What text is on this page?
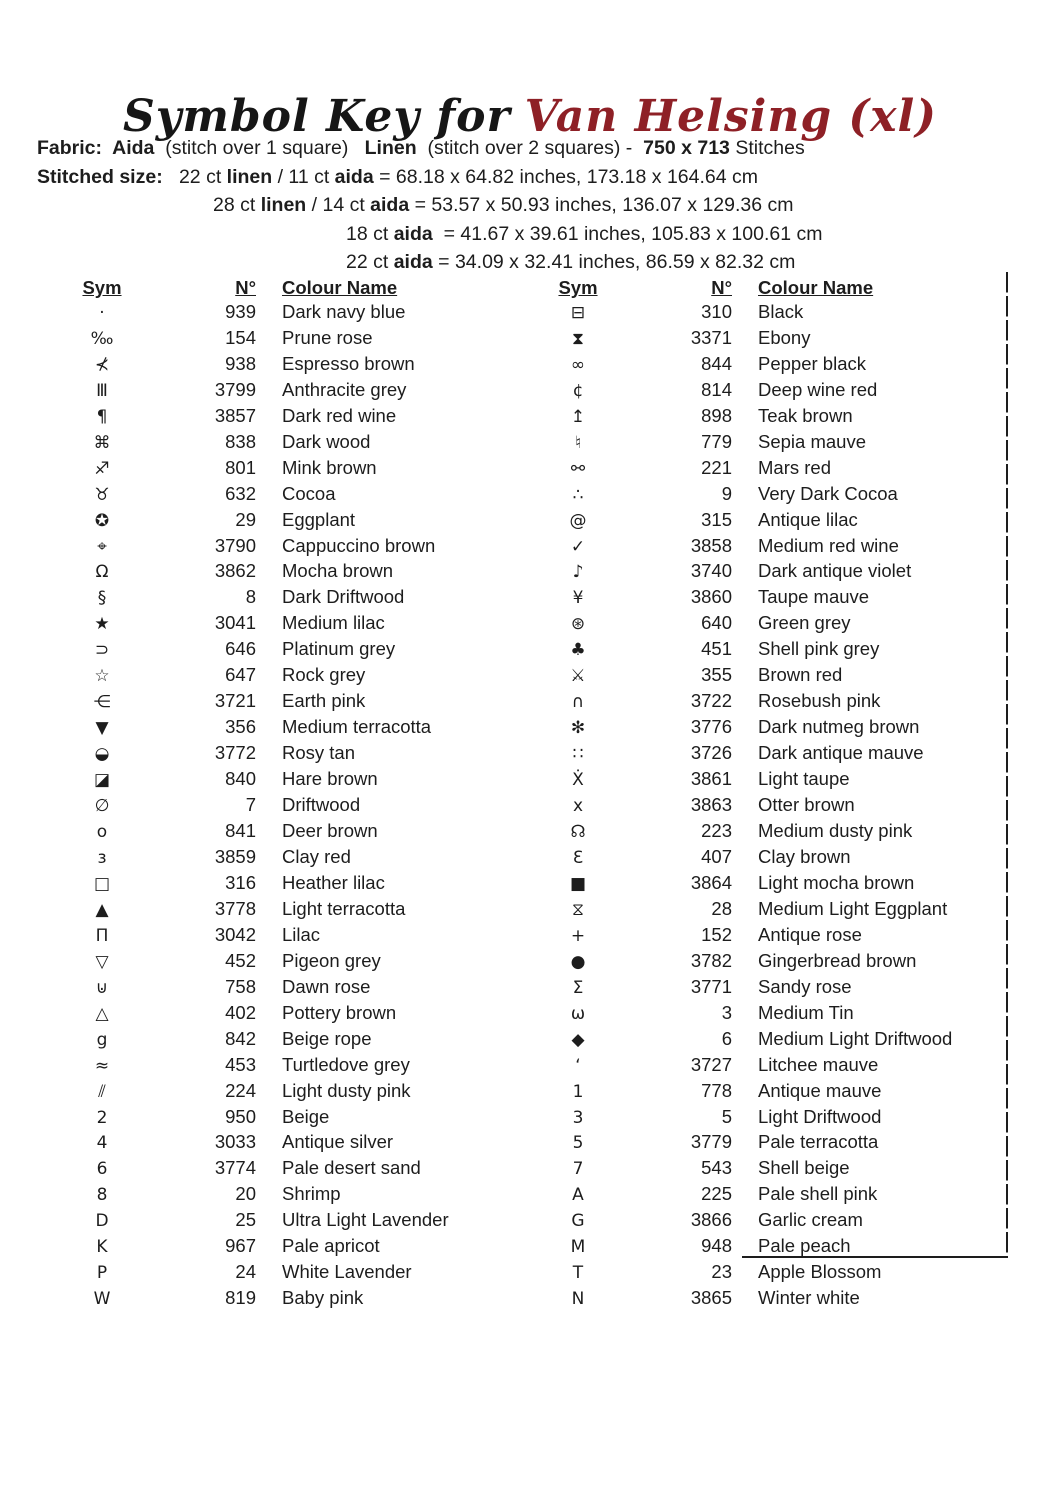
Symbol Key for Van Helsing (xl)
Fabric:  Aida  (stitch over 1 square)   Linen  (stitch over 2 squares) -  750 x 713 Stitches
Stitched size:   22 ct linen / 11 ct aida = 68.18 x 64.82 inches, 173.18 x 164.64 cm
28 ct linen / 14 ct aida = 53.57 x 50.93 inches, 136.07 x 129.36 cm
18 ct aida  = 41.67 x 39.61 inches, 105.83 x 100.61 cm
22 ct aida = 34.09 x 32.41 inches, 86.59 x 82.32 cm
Sym	N° Colour Name
·	939 Dark navy blue
‰	154 Prune rose
⊀	938 Espresso brown
Ⅲ	3799 Anthracite grey
¶	3857 Dark red wine
⌘	838 Dark wood
♐	801 Mink brown
♉	632 Cocoa
✪	29 Eggplant
⌖	3790 Cappuccino brown
Ω	3862 Mocha brown
§	8 Dark Driftwood
★	3041 Medium lilac
⊃	646 Platinum grey
☆	647 Rock grey
⋲	3721 Earth pink
▼	356 Medium terracotta
◒	3772 Rosy tan
◪	840 Hare brown
∅	7 Driftwood
o	841 Deer brown
ɜ	3859 Clay red
□	316 Heather lilac
▲	3778 Light terracotta
Π	3042 Lilac
▽	452 Pigeon grey
⊍	758 Dawn rose
△	402 Pottery brown
g	842 Beige rope
≈	453 Turtledove grey
⫽	224 Light dusty pink
2	950 Beige
4	3033 Antique silver
6	3774 Pale desert sand
8	20 Shrimp
D	25 Ultra Light Lavender
K	967 Pale apricot
P	24 White Lavender
W	819 Baby pink
Sym	N° Colour Name
⊟	310 Black
⧗	3371 Ebony
∞	844 Pepper black
¢	814 Deep wine red
↥	898 Teak brown
♮	779 Sepia mauve
⚯	221 Mars red
∴	9 Very Dark Cocoa
@	315 Antique lilac
✓	3858 Medium red wine
♪	3740 Dark antique violet
¥	3860 Taupe mauve
⊛	640 Green grey
♣	451 Shell pink grey
⚔	355 Brown red
∩	3722 Rosebush pink
✻	3776 Dark nutmeg brown
∷	3726 Dark antique mauve
Ẋ	3861 Light taupe
x	3863 Otter brown
☊	223 Medium dusty pink
Ɛ	407 Clay brown
■	3864 Light mocha brown
⧖	28 Medium Light Eggplant
+	152 Antique rose
●	3782 Gingerbread brown
Σ	3771 Sandy rose
ω	3 Medium Tin
◆	6 Medium Light Driftwood
‘	3727 Litchee mauve
1	778 Antique mauve
3	5 Light Driftwood
5	3779 Pale terracotta
7	543 Shell beige
A	225 Pale shell pink
G	3866 Garlic cream
M	948 Pale peach
T	23 Apple Blossom
N	3865 Winter white
